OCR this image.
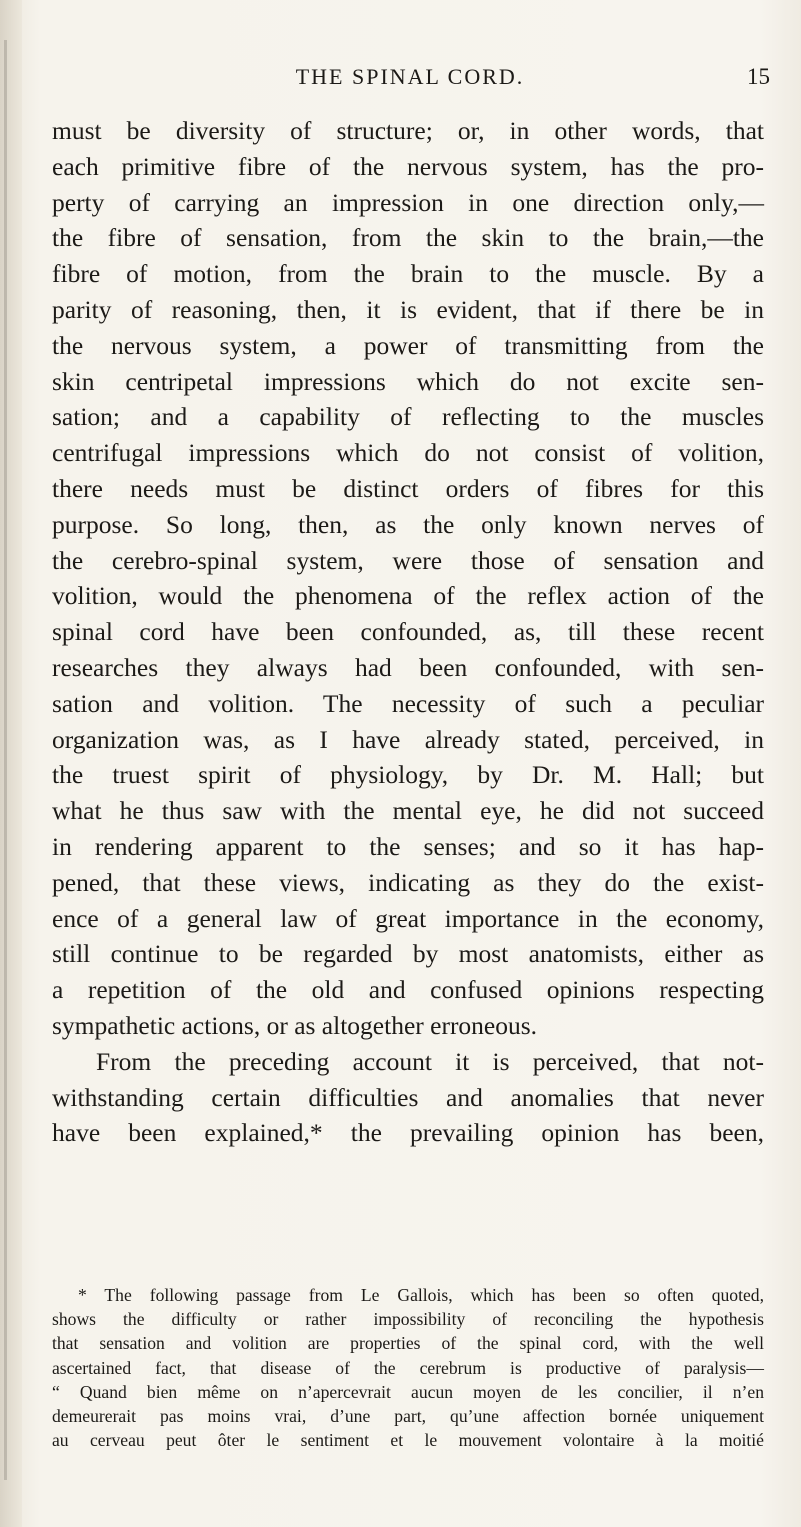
THE SPINAL CORD.	15
must be diversity of structure; or, in other words, that
each primitive fibre of the nervous system, has the pro-
perty of carrying an impression in one direction only,—
the fibre of sensation, from the skin to the brain,—the
fibre of motion, from the brain to the muscle. By a
parity of reasoning, then, it is evident, that if there be in
the nervous system, a power of transmitting from the
skin centripetal impressions which do not excite sen-
sation; and a capability of reflecting to the muscles
centrifugal impressions which do not consist of volition,
there needs must be distinct orders of fibres for this
purpose. So long, then, as the only known nerves of
the cerebro-spinal system, were those of sensation and
volition, would the phenomena of the reflex action of the
spinal cord have been confounded, as, till these recent
researches they always had been confounded, with sen-
sation and volition. The necessity of such a peculiar
organization was, as I have already stated, perceived, in
the truest spirit of physiology, by Dr. M. Hall; but
what he thus saw with the mental eye, he did not succeed
in rendering apparent to the senses; and so it has hap-
pened, that these views, indicating as they do the exist-
ence of a general law of great importance in the economy,
still continue to be regarded by most anatomists, either as
a repetition of the old and confused opinions respecting
sympathetic actions, or as altogether erroneous.
From the preceding account it is perceived, that not-
withstanding certain difficulties and anomalies that never
have been explained,* the prevailing opinion has been,
* The following passage from Le Gallois, which has been so often quoted,
shows the difficulty or rather impossibility of reconciling the hypothesis
that sensation and volition are properties of the spinal cord, with the well
ascertained fact, that disease of the cerebrum is productive of paralysis—
“ Quand bien même on n’apercevrait aucun moyen de les concilier, il n’en
demeurerait pas moins vrai, d’une part, qu’une affection bornée uniquement
au cerveau peut ôter le sentiment et le mouvement volontaire à la moitié
